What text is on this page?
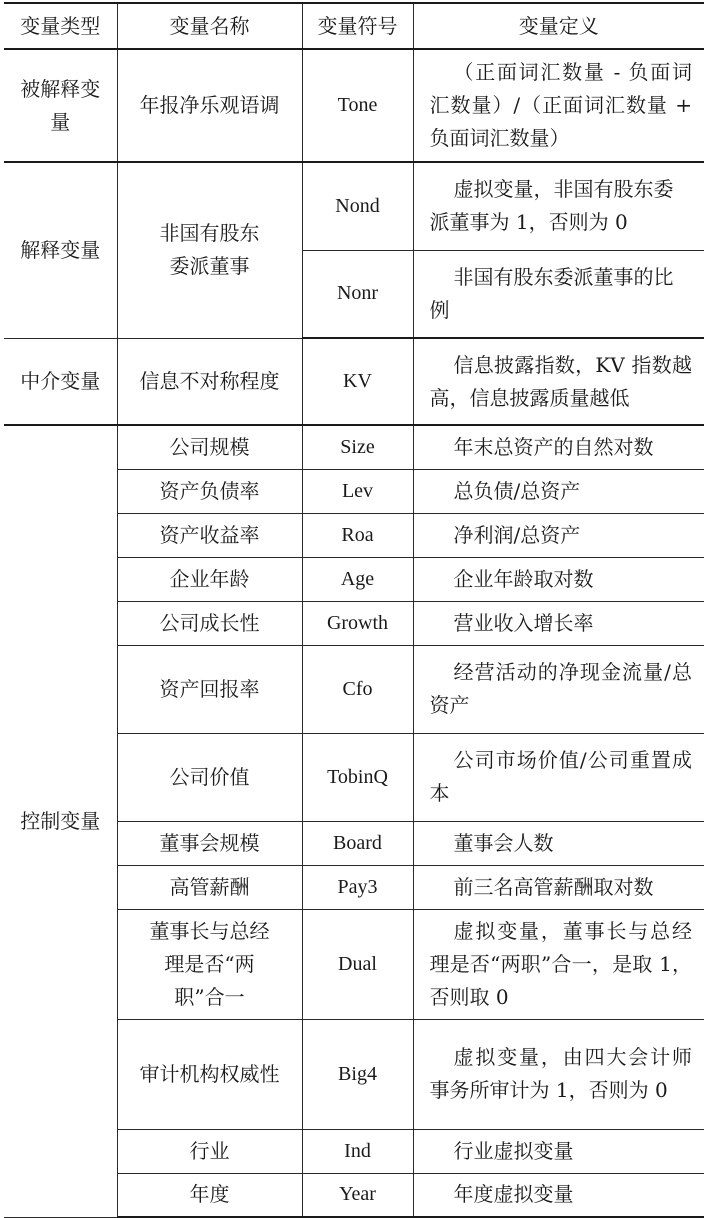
变量类型	变量名称	变量符号	变量定义

被解释变量	年报净乐观语调	Tone	（正面词汇数量 - 负面词汇数量）/（正面词汇数量 + 负面词汇数量）
解释变量	非国有股东委派董事	Nond	虚拟变量，非国有股东委派董事为 1，否则为 0
		Nonr	非国有股东委派董事的比例
中介变量	信息不对称程度	KV	信息披露指数，KV 指数越高，信息披露质量越低
控制变量	公司规模	Size	年末总资产的自然对数
	资产负债率	Lev	总负债/总资产
	资产收益率	Roa	净利润/总资产
	企业年龄	Age	企业年龄取对数
	公司成长性	Growth	营业收入增长率
	资产回报率	Cfo	经营活动的净现金流量/总资产
	公司价值	TobinQ	公司市场价值/公司重置成本
	董事会规模	Board	董事会人数
	高管薪酬	Pay3	前三名高管薪酬取对数

	董事长与总经理是否“两职”合一	Dual	虚拟变量，董事长与总经理是否“两职”合一，是取 1，否则取 0
	审计机构权威性	Big4	虚拟变量，由四大会计师事务所审计为 1，否则为 0
	行业	Ind	行业虚拟变量
	年度	Year	年度虚拟变量
